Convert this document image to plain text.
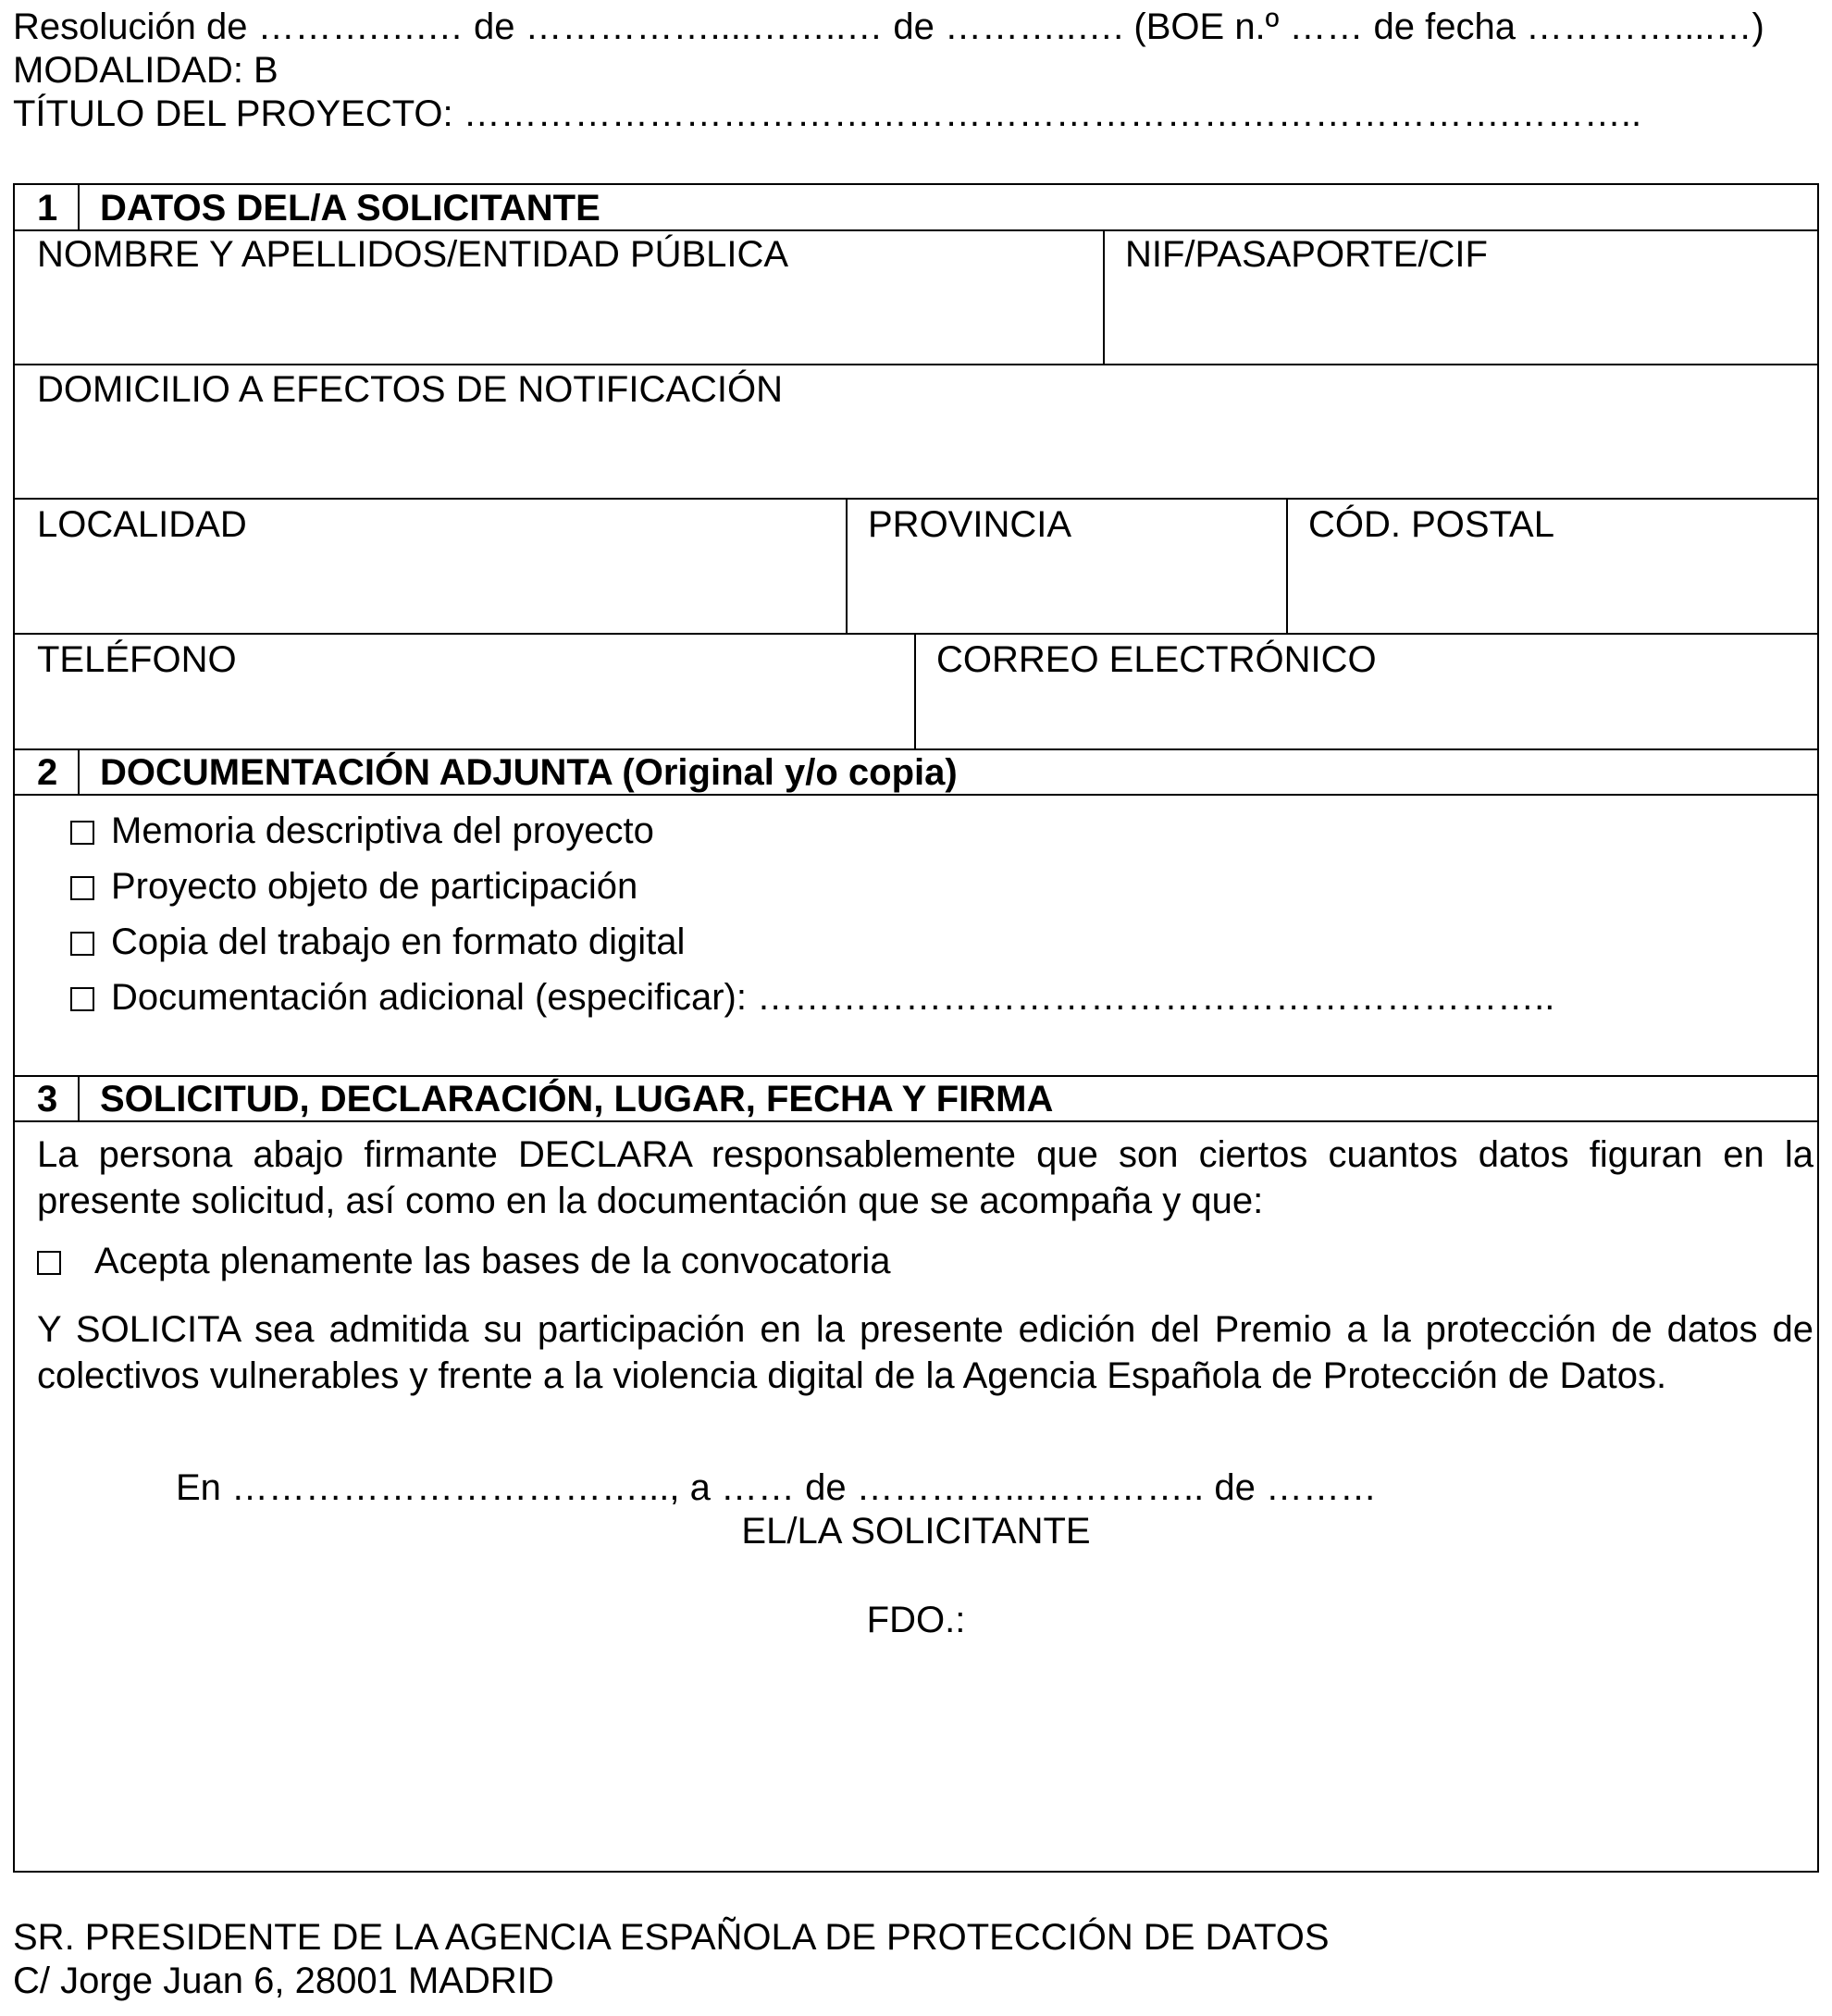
Resolución de ……….….… de ……………....……..… de ………..…. (BOE n.º …… de fecha …………....…)

MODALIDAD: B

TÍTULO DEL PROYECTO: ………………………………………………………………………….………..

1 DATOS DEL/A SOLICITANTE
NOMBRE Y APELLIDOS/ENTIDAD PÚBLICA	NIF/PASAPORTE/CIF
DOMICILIO A EFECTOS DE NOTIFICACIÓN
LOCALIDAD	PROVINCIA	CÓD. POSTAL
TELÉFONO	CORREO ELECTRÓNICO
2 DOCUMENTACIÓN ADJUNTA (Original y/o copia)
Memoria descriptiva del proyecto
Proyecto objeto de participación
Copia del trabajo en formato digital
Documentación adicional (especificar): ………………………………………………………..
3 SOLICITUD, DECLARACIÓN, LUGAR, FECHA Y FIRMA
La persona abajo firmante DECLARA responsablemente que son ciertos cuantos datos figuran en la presente solicitud, así como en la documentación que se acompaña y que:
Acepta plenamente las bases de la convocatoria
Y SOLICITA sea admitida su participación en la presente edición del Premio a la protección de datos de colectivos vulnerables y frente a la violencia digital de la Agencia Española de Protección de Datos.
En ……………………………..., a …… de …………...………….. de ………
EL/LA SOLICITANTE
FDO.:

SR. PRESIDENTE DE LA AGENCIA ESPAÑOLA DE PROTECCIÓN DE DATOS

C/ Jorge Juan 6, 28001 MADRID
